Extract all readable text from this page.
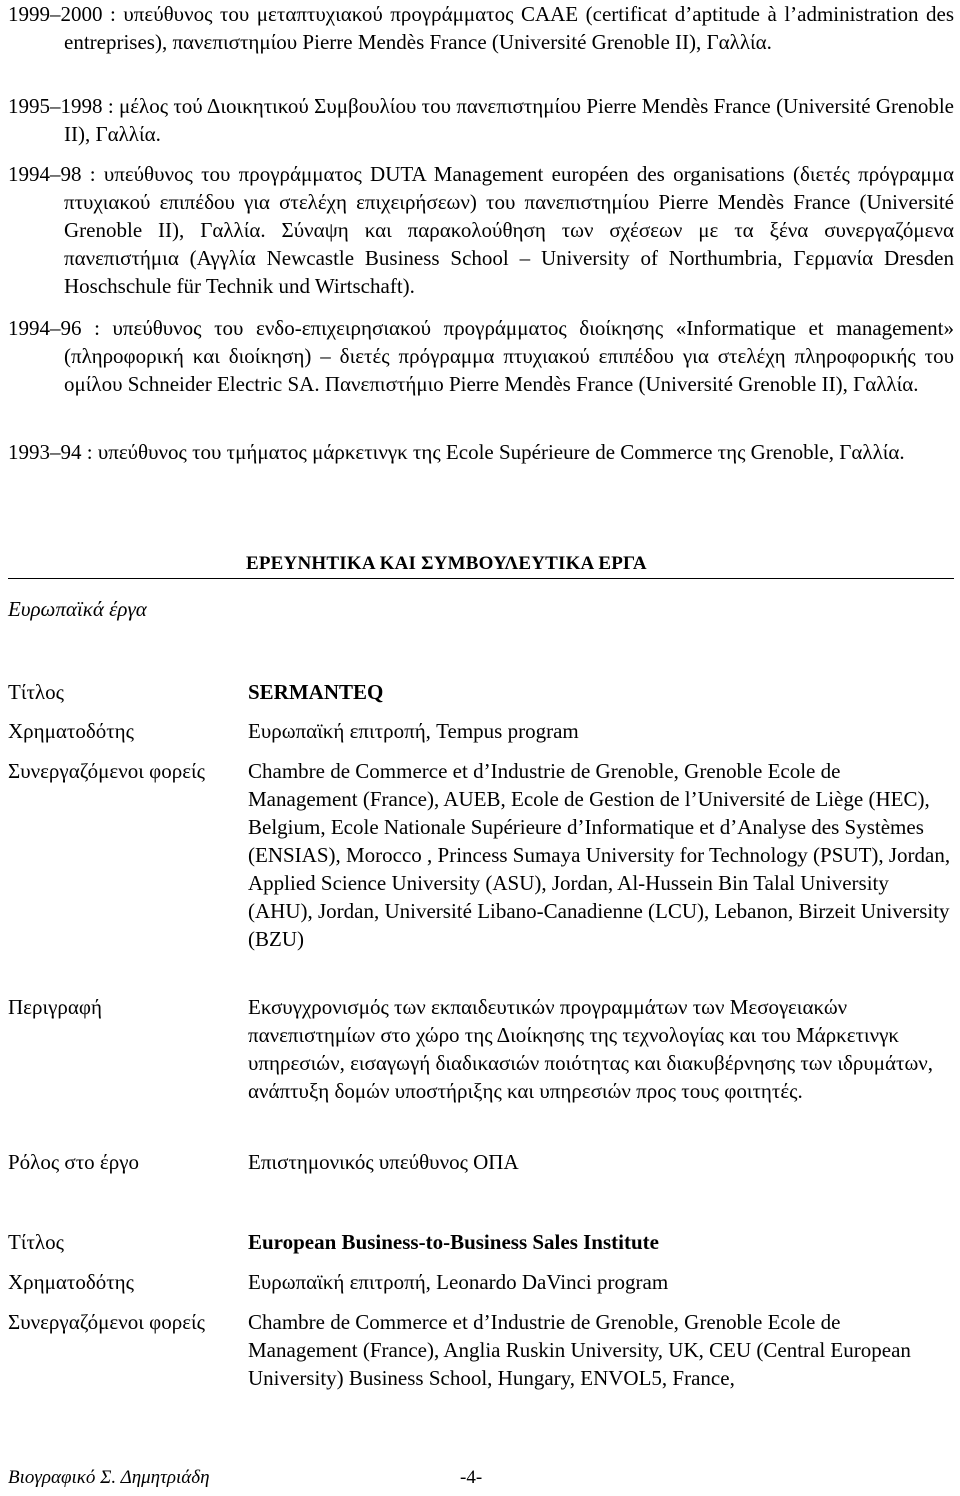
1999–2000 : υπεύθυνος του μεταπτυχιακού προγράμματος CAAE (certificat d’aptitude à l’administration des entreprises), πανεπιστημίου Pierre Mendès France (Université Grenoble II), Γαλλία.
1995–1998 : μέλος τού Διοικητικού Συμβουλίου του πανεπιστημίου Pierre Mendès France (Université Grenoble II), Γαλλία.
1994–98 : υπεύθυνος του προγράμματος DUTA Management européen des organisations (διετές πρόγραμμα πτυχιακού επιπέδου για στελέχη επιχειρήσεων) του πανεπιστημίου Pierre Mendès France (Université Grenoble II), Γαλλία. Σύναψη και παρακολούθηση των σχέσεων με τα ξένα συνεργαζόμενα πανεπιστήμια (Αγγλία Newcastle Business School – University of Northumbria, Γερμανία Dresden Hoschschule für Technik und Wirtschaft).
1994–96 : υπεύθυνος του ενδο-επιχειρησιακού προγράμματος διοίκησης «Informatique et management» (πληροφορική και διοίκηση) – διετές πρόγραμμα πτυχιακού επιπέδου για στελέχη πληροφορικής του ομίλου Schneider Electric SA. Πανεπιστήμιο Pierre Mendès France (Université Grenoble II), Γαλλία.
1993–94 : υπεύθυνος του τμήματος μάρκετινγκ της Ecole Supérieure de Commerce της Grenoble, Γαλλία.
ΕΡΕΥΝΗΤΙΚΑ ΚΑΙ ΣΥΜΒΟΥΛΕΥΤΙΚΑ ΕΡΓΑ
Ευρωπαϊκά έργα
Τίτλος	SERMANTEQ
Χρηματοδότης	Ευρωπαϊκή επιτροπή, Tempus program
Συνεργαζόμενοι φορείς	Chambre de Commerce et d’Industrie de Grenoble, Grenoble Ecole de Management (France), AUEB, Ecole de Gestion de l’Université de Liège (HEC), Belgium, Ecole Nationale Supérieure d’Informatique et d’Analyse des Systèmes (ENSIAS), Morocco , Princess Sumaya University for Technology (PSUT), Jordan, Applied Science University (ASU), Jordan, Al-Hussein Bin Talal University (AHU), Jordan, Université Libano-Canadienne (LCU), Lebanon, Birzeit University (BZU)
Περιγραφή	Εκσυγχρονισμός των εκπαιδευτικών προγραμμάτων των Μεσογειακών πανεπιστημίων στο χώρο της Διοίκησης της τεχνολογίας και του Μάρκετινγκ υπηρεσιών, εισαγωγή διαδικασιών ποιότητας και διακυβέρνησης των ιδρυμάτων, ανάπτυξη δομών υποστήριξης και υπηρεσιών προς τους φοιτητές.
Ρόλος στο έργο	Επιστημονικός υπεύθυνος ΟΠΑ
Τίτλος	European Business-to-Business Sales Institute
Χρηματοδότης	Ευρωπαϊκή επιτροπή, Leonardo DaVinci program
Συνεργαζόμενοι φορείς	Chambre de Commerce et d’Industrie de Grenoble, Grenoble Ecole de Management (France), Anglia Ruskin University, UK, CEU (Central European University) Business School, Hungary, ENVOL5, France,
Βιογραφικό Σ. Δημητριάδη	-4-
